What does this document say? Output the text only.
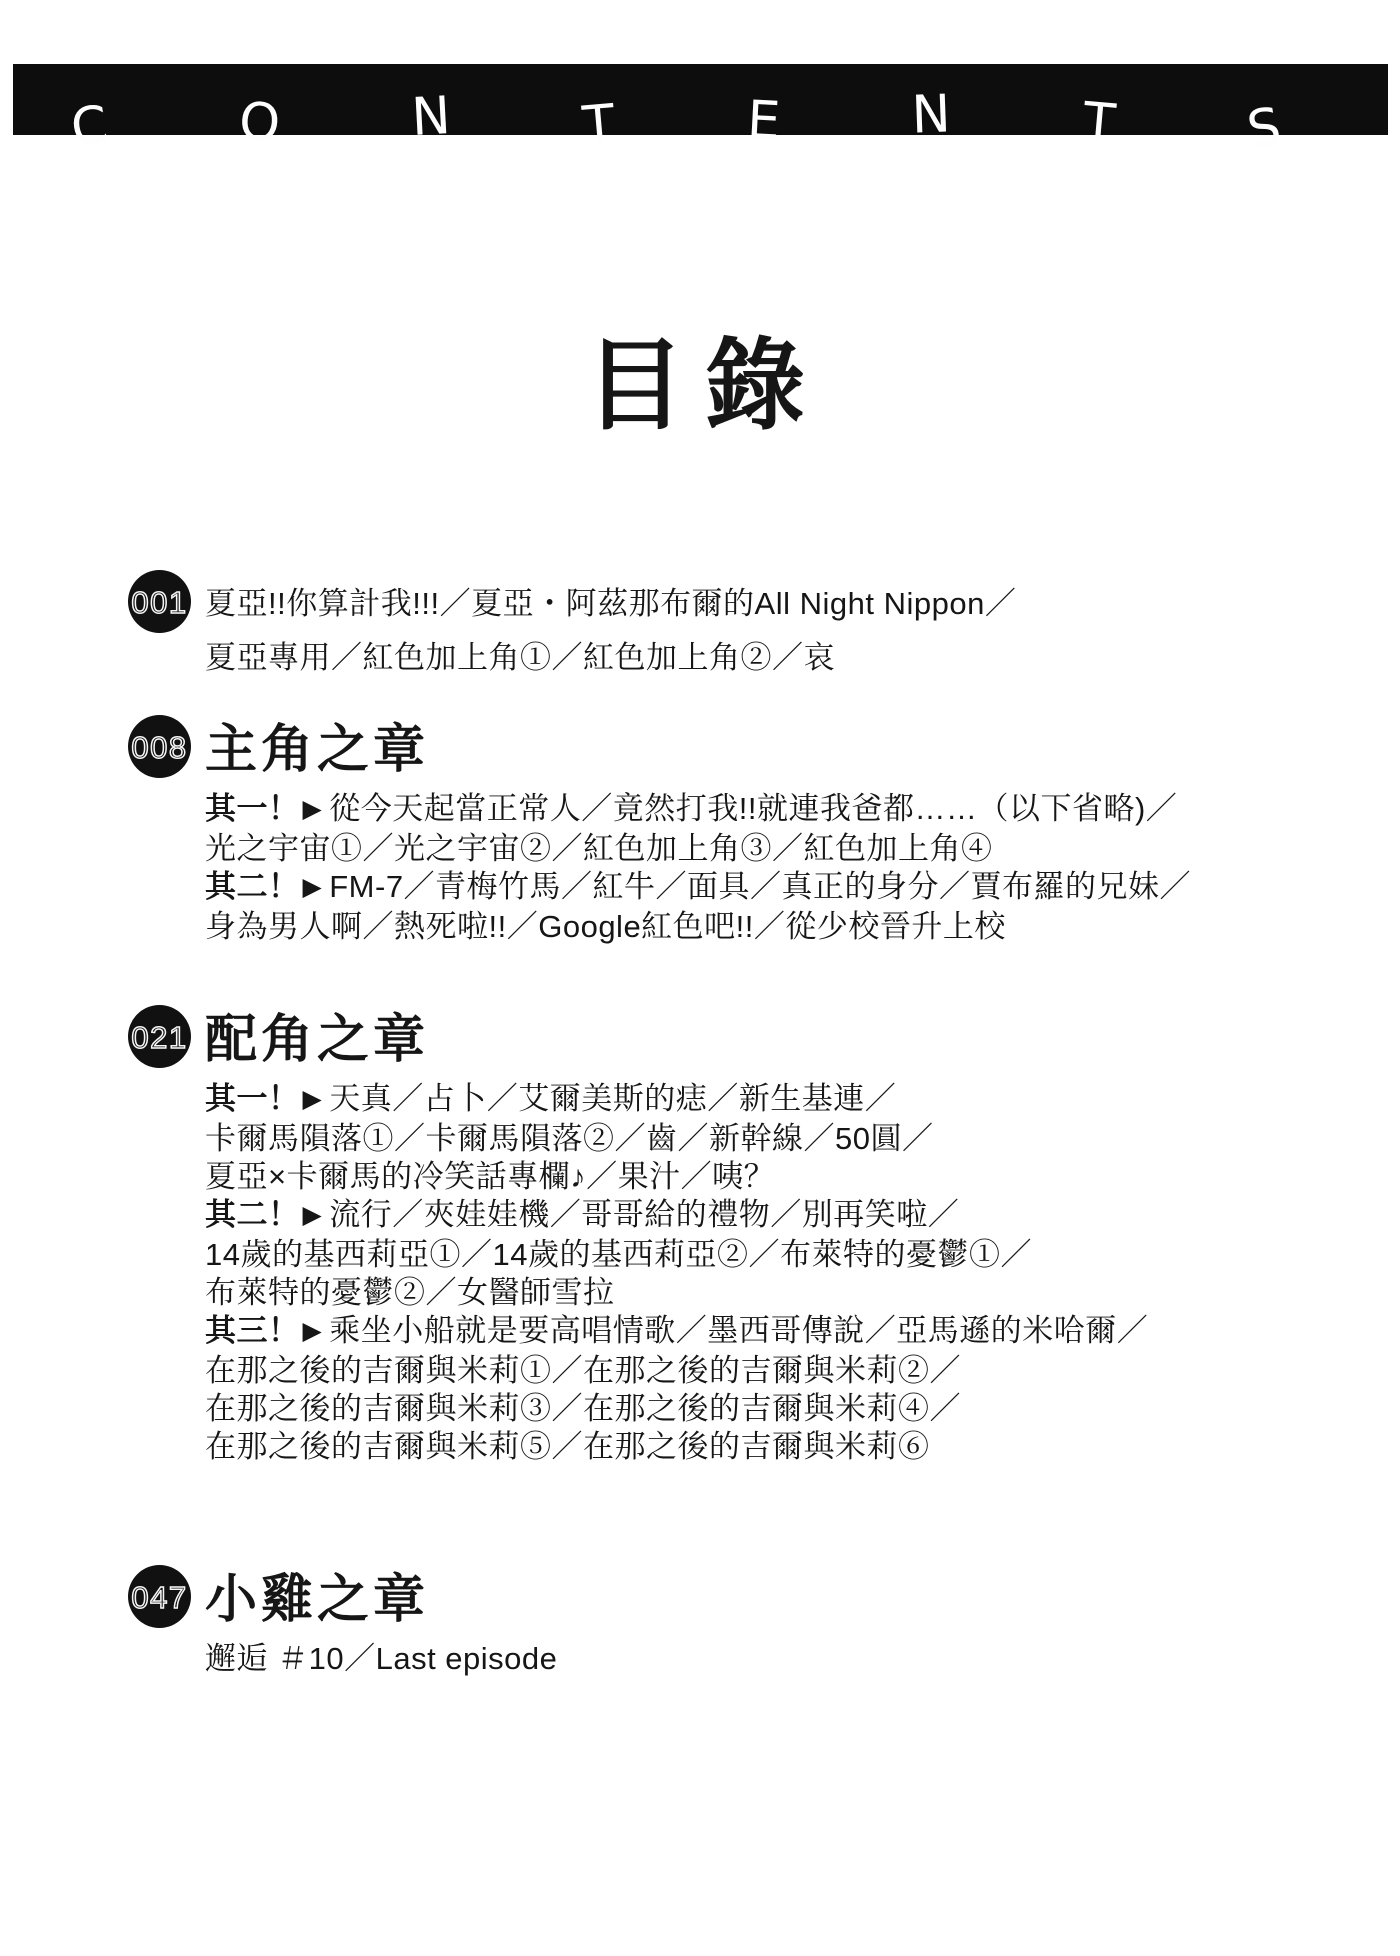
C O N T E N T S
目錄
001 夏亞!!你算計我!!!／夏亞・阿茲那布爾的All Night Nippon／
夏亞專用／紅色加上角①／紅色加上角②／哀
008 主角之章
其一！ ▶ 從今天起當正常人／竟然打我!!就連我爸都……（以下省略)／
光之宇宙①／光之宇宙②／紅色加上角③／紅色加上角④
其二！ ▶ FM-7／青梅竹馬／紅牛／面具／真正的身分／賈布羅的兄妹／
身為男人啊／熱死啦!!／Google紅色吧!!／從少校晉升上校
021 配角之章
其一！ ▶ 天真／占卜／艾爾美斯的痣／新生基連／
卡爾馬隕落①／卡爾馬隕落②／齒／新幹線／50圓／
夏亞×卡爾馬的冷笑話專欄♪／果汁／咦？
其二！ ▶ 流行／夾娃娃機／哥哥給的禮物／別再笑啦／
14歲的基西莉亞①／14歲的基西莉亞②／布萊特的憂鬱①／
布萊特的憂鬱②／女醫師雪拉
其三！ ▶ 乘坐小船就是要高唱情歌／墨西哥傳說／亞馬遜的米哈爾／
在那之後的吉爾與米莉①／在那之後的吉爾與米莉②／
在那之後的吉爾與米莉③／在那之後的吉爾與米莉④／
在那之後的吉爾與米莉⑤／在那之後的吉爾與米莉⑥
047 小雞之章
邂逅 ＃10／Last episode
